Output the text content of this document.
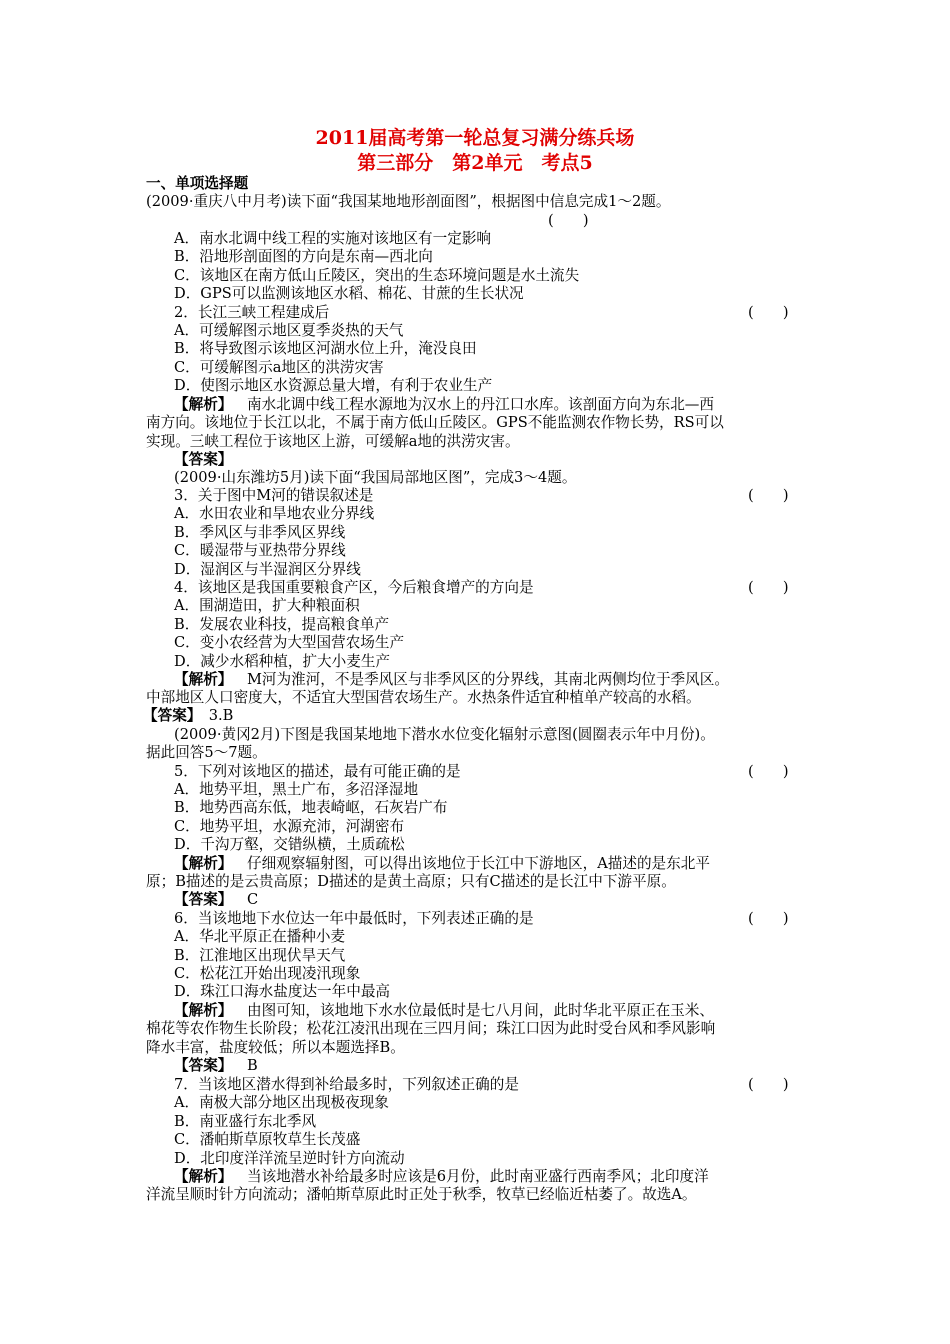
2011届高考第一轮总复习满分练兵场
第三部分　第2单元　考点5
一、单项选择题
(2009·重庆八中月考)读下面“我国某地地形剖面图”，根据图中信息完成1～2题。
(　　)
A．南水北调中线工程的实施对该地区有一定影响
B．沿地形剖面图的方向是东南—西北向
C．该地区在南方低山丘陵区，突出的生态环境问题是水土流失
D．GPS可以监测该地区水稻、棉花、甘蔗的生长状况
2．长江三峡工程建成后	(　　)
A．可缓解图示地区夏季炎热的天气
B．将导致图示该地区河湖水位上升，淹没良田
C．可缓解图示a地区的洪涝灾害
D．使图示地区水资源总量大增，有利于农业生产
【解析】　  南水北调中线工程水源地为汉水上的丹江口水库。该剖面方向为东北—西
南方向。该地位于长江以北，不属于南方低山丘陵区。GPS不能监测农作物长势，RS可以
实现。三峡工程位于该地区上游，可缓解a地的洪涝灾害。
【答案】
(2009·山东潍坊5月)读下面“我国局部地区图”，完成3～4题。
3．关于图中M河的错误叙述是	(　　)
A．水田农业和旱地农业分界线
B．季风区与非季风区界线
C．暖湿带与亚热带分界线
D．湿润区与半湿润区分界线
4．该地区是我国重要粮食产区，今后粮食增产的方向是	(　　)
A．围湖造田，扩大种粮面积
B．发展农业科技，提高粮食单产
C．变小农经营为大型国营农场生产
D．减少水稻种植，扩大小麦生产
【解析】　  M河为淮河，不是季风区与非季风区的分界线，其南北两侧均位于季风区。
中部地区人口密度大，不适宜大型国营农场生产。水热条件适宜种植单产较高的水稻。
【答案】　 3.B
(2009·黄冈2月)下图是我国某地地下潜水水位变化辐射示意图(圆圈表示年中月份)。
据此回答5～7题。
5．下列对该地区的描述，最有可能正确的是	(　　)
A．地势平坦，黑土广布，多沼泽湿地
B．地势西高东低，地表崎岖，石灰岩广布
C．地势平坦，水源充沛，河湖密布
D．千沟万壑，交错纵横，土质疏松
【解析】　  仔细观察辐射图，可以得出该地位于长江中下游地区，A描述的是东北平
原；B描述的是云贵高原；D描述的是黄土高原；只有C描述的是长江中下游平原。
【答案】   C
6．当该地地下水位达一年中最低时，下列表述正确的是	(　　)
A．华北平原正在播种小麦
B．江淮地区出现伏旱天气
C．松花江开始出现凌汛现象
D．珠江口海水盐度达一年中最高
【解析】　  由图可知，该地地下水水位最低时是七八月间，此时华北平原正在玉米、
棉花等农作物生长阶段；松花江凌汛出现在三四月间；珠江口因为此时受台风和季风影响
降水丰富，盐度较低；所以本题选择B。
【答案】   B
7．当该地区潜水得到补给最多时，下列叙述正确的是	(　　)
A．南极大部分地区出现极夜现象
B．南亚盛行东北季风
C．潘帕斯草原牧草生长茂盛
D．北印度洋洋流呈逆时针方向流动
【解析】　  当该地潜水补给最多时应该是6月份，此时南亚盛行西南季风；北印度洋
洋流呈顺时针方向流动；潘帕斯草原此时正处于秋季，牧草已经临近枯萎了。故选A。
